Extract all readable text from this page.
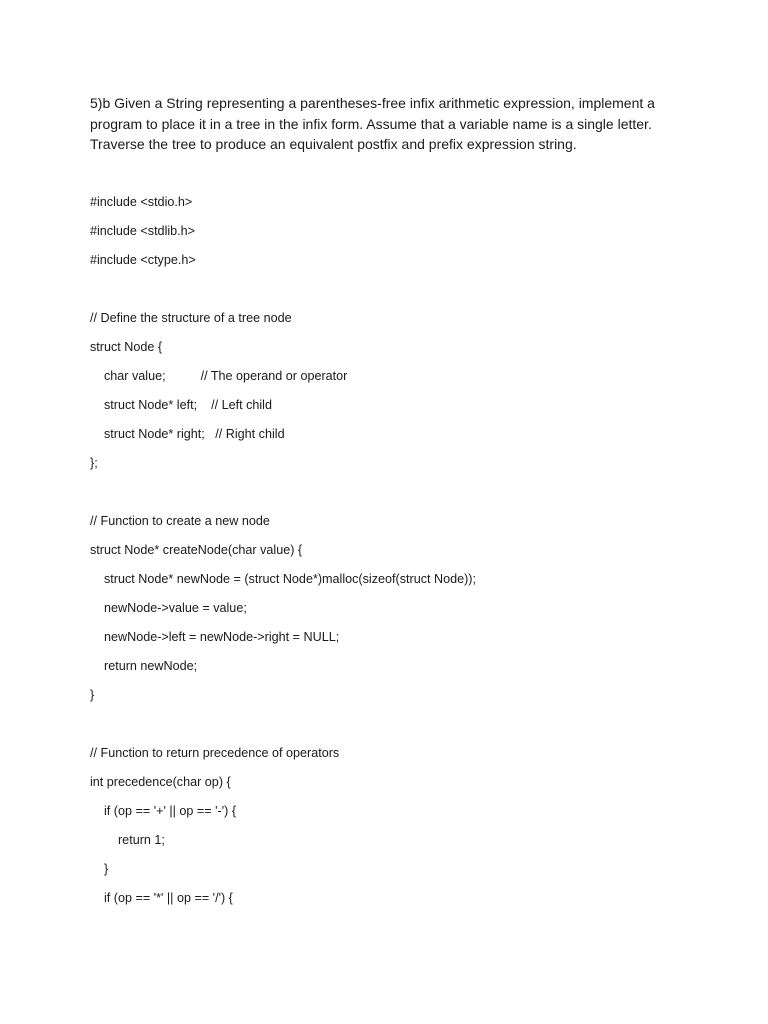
5)b Given a String representing a parentheses-free infix arithmetic expression, implement a program to place it in a tree in the infix form. Assume that a variable name is a single letter. Traverse the tree to produce an equivalent postfix and prefix expression string.

#include <stdio.h>
#include <stdlib.h>
#include <ctype.h>
// Define the structure of a tree node
struct Node {
char value;          // The operand or operator
struct Node* left;    // Left child
struct Node* right;   // Right child
};
// Function to create a new node
struct Node* createNode(char value) {
struct Node* newNode = (struct Node*)malloc(sizeof(struct Node));
newNode->value = value;
newNode->left = newNode->right = NULL;
return newNode;
}
// Function to return precedence of operators
int precedence(char op) {
if (op == '+' || op == '-') {
return 1;
}
if (op == '*' || op == '/') {
